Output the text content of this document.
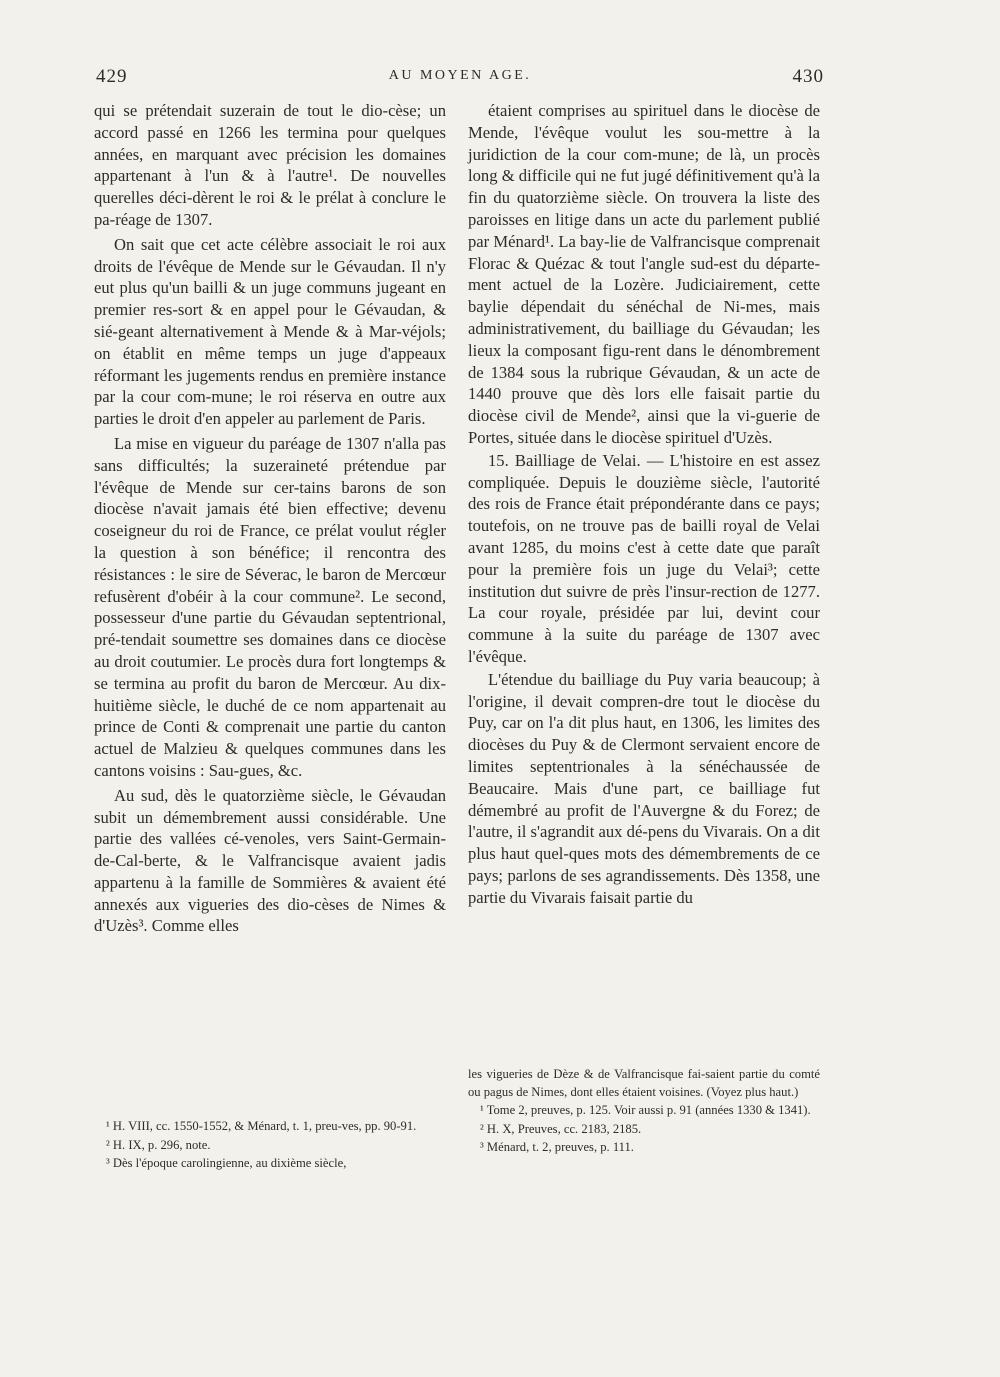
429	AU MOYEN AGE.	430

qui se prétendait suzerain de tout le dio-cèse; un accord passé en 1266 les termina pour quelques années, en marquant avec précision les domaines appartenant à l'un & à l'autre¹. De nouvelles querelles déci-dèrent le roi & le prélat à conclure le pa-réage de 1307.

On sait que cet acte célèbre associait le roi aux droits de l'évêque de Mende sur le Gévaudan. Il n'y eut plus qu'un bailli & un juge communs jugeant en premier res-sort & en appel pour le Gévaudan, & sié-geant alternativement à Mende & à Mar-véjols; on établit en même temps un juge d'appeaux réformant les jugements rendus en première instance par la cour com-mune; le roi réserva en outre aux parties le droit d'en appeler au parlement de Paris.

La mise en vigueur du paréage de 1307 n'alla pas sans difficultés; la suzeraineté prétendue par l'évêque de Mende sur cer-tains barons de son diocèse n'avait jamais été bien effective; devenu coseigneur du roi de France, ce prélat voulut régler la question à son bénéfice; il rencontra des résistances : le sire de Séverac, le baron de Mercœur refusèrent d'obéir à la cour commune². Le second, possesseur d'une partie du Gévaudan septentrional, pré-tendait soumettre ses domaines dans ce diocèse au droit coutumier. Le procès dura fort longtemps & se termina au profit du baron de Mercœur. Au dix-huitième siècle, le duché de ce nom appartenait au prince de Conti & comprenait une partie du canton actuel de Malzieu & quelques communes dans les cantons voisins : Sau-gues, &c.

Au sud, dès le quatorzième siècle, le Gévaudan subit un démembrement aussi considérable. Une partie des vallées cé-venoles, vers Saint-Germain-de-Cal-berte, & le Valfrancisque avaient jadis appartenu à la famille de Sommières & avaient été annexés aux vigueries des dio-cèses de Nimes & d'Uzès³. Comme elles

¹ H. VIII, cc. 1550-1552, & Ménard, t. 1, preu-ves, pp. 90-91.

² H. IX, p. 296, note.

³ Dès l'époque carolingienne, au dixième siècle,

étaient comprises au spirituel dans le diocèse de Mende, l'évêque voulut les sou-mettre à la juridiction de la cour com-mune; de là, un procès long & difficile qui ne fut jugé définitivement qu'à la fin du quatorzième siècle. On trouvera la liste des paroisses en litige dans un acte du parlement publié par Ménard¹. La bay-lie de Valfrancisque comprenait Florac & Quézac & tout l'angle sud-est du départe-ment actuel de la Lozère. Judiciairement, cette baylie dépendait du sénéchal de Ni-mes, mais administrativement, du bailliage du Gévaudan; les lieux la composant figu-rent dans le dénombrement de 1384 sous la rubrique Gévaudan, & un acte de 1440 prouve que dès lors elle faisait partie du diocèse civil de Mende², ainsi que la vi-guerie de Portes, située dans le diocèse spirituel d'Uzès.

15. Bailliage de Velai. — L'histoire en est assez compliquée. Depuis le douzième siècle, l'autorité des rois de France était prépondérante dans ce pays; toutefois, on ne trouve pas de bailli royal de Velai avant 1285, du moins c'est à cette date que paraît pour la première fois un juge du Velai³; cette institution dut suivre de près l'insur-rection de 1277. La cour royale, présidée par lui, devint cour commune à la suite du paréage de 1307 avec l'évêque.

L'étendue du bailliage du Puy varia beaucoup; à l'origine, il devait compren-dre tout le diocèse du Puy, car on l'a dit plus haut, en 1306, les limites des diocèses du Puy & de Clermont servaient encore de limites septentrionales à la sénéchaussée de Beaucaire. Mais d'une part, ce bailliage fut démembré au profit de l'Auvergne & du Forez; de l'autre, il s'agrandit aux dé-pens du Vivarais. On a dit plus haut quel-ques mots des démembrements de ce pays; parlons de ses agrandissements. Dès 1358, une partie du Vivarais faisait partie du

les vigueries de Dèze & de Valfrancisque fai-saient partie du comté ou pagus de Nimes, dont elles étaient voisines. (Voyez plus haut.)

¹ Tome 2, preuves, p. 125. Voir aussi p. 91 (années 1330 & 1341).

² H. X, Preuves, cc. 2183, 2185.

³ Ménard, t. 2, preuves, p. 111.
